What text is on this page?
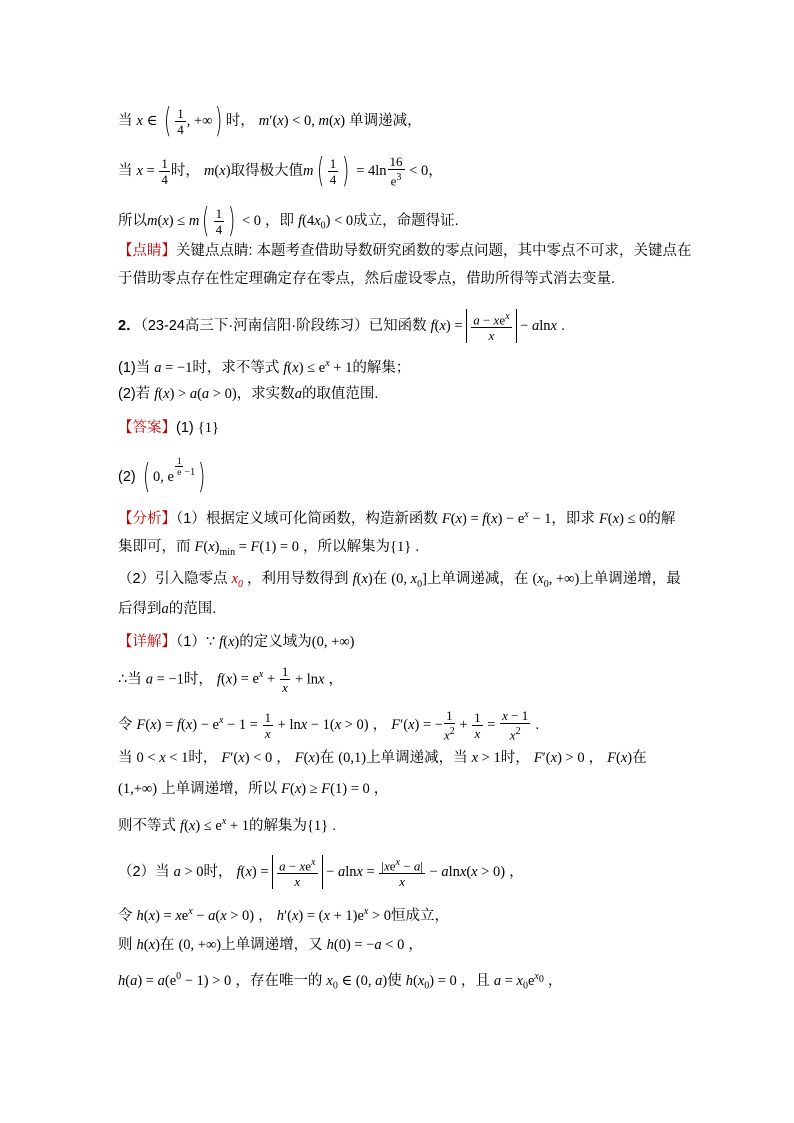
当 x ∈ ( $\frac{1}{4}$ , +∞) 时， m′(x) < 0, m(x) 单调递减，
当 $x = \frac{1}{4}$ 时， m(x)取得极大值$m( \frac{1}{4}$ ) = $4\ln \frac{16}{e^3} < 0$，
所以$m(x) \le m( \frac{1}{4}$ ) < 0 ，即 $f(4x_0) < 0$成立，命题得证.
【点睛】关键点点睛: 本题考查借助导数研究函数的零点问题，其中零点不可求，关键点在
于借助零点存在性定理确定存在零点，然后虚设零点，借助所得等式消去变量.
2．（23-24高三下·河南信阳·阶段练习）已知函数 $f(x) = \frac{a - xe^x}{x} - alnx$ .
(1)当 a = −1时，求不等式 $f(x) \le e^x + 1$的解集；
(2)若 f(x) > a(a > 0)，求实数a的取值范围.
【答案】(1) {1}
(2) ( 0, e $^{\frac{1}{e} -1}$)
【分析】（1）根据定义域可化简函数，构造新函数 $F(x) = f(x) - e^x - 1$，即求 F(x) ≤ 0的解
集即可，而 $F(x)_{min} = F(1) = 0$ ，所以解集为{1} .
（2）引入隐零点 $x_0$ ，利用导数得到 f(x)在 (0, $x_0$]上单调递减，在 ($x_0$, +∞)上单调递增，最
后得到a的范围.
【详解】（1）∵ f(x)的定义域为(0, +∞)
∴当 a = −1时， $f(x) = e^x + \frac{1}{x} + \ln x$ ，
令 $F(x) = f(x) - e^x - 1 = \frac{1}{x} + \ln x - 1(x > 0)$ ， F′(x) = − $\frac{1}{x^2} + \frac{1}{x} = \frac{x - 1}{x^2}$ .
当 0 < x < 1时， F′(x) < 0 ， F(x)在 (0,1)上单调递减，当 x > 1时， F′(x) > 0 ， F(x)在
(1,+∞) 上单调递增，所以 F(x) ≥ F(1) = 0 ，
则不等式 $f(x) \le e^x + 1$的解集为{1} .
（2）当 a > 0时， $f(x) = \frac{a - xe^x}{x} - alnx = \frac{|xe^x - a|}{x} - alnx(x > 0)$ ，
令 $h(x) = xe^x - a(x > 0)$ ， $h'(x) = (x + 1)e^x > 0$恒成立，
则 h(x)在 (0, +∞)上单调递增，又 h(0) = −a < 0 ，
$h(a) = a(e^0 - 1) > 0$ ，存在唯一的 $x_0$ ∈ (0, a)使 $h(x_0) = 0$ ，且 $a = x_0e^{x_0}$ ，
